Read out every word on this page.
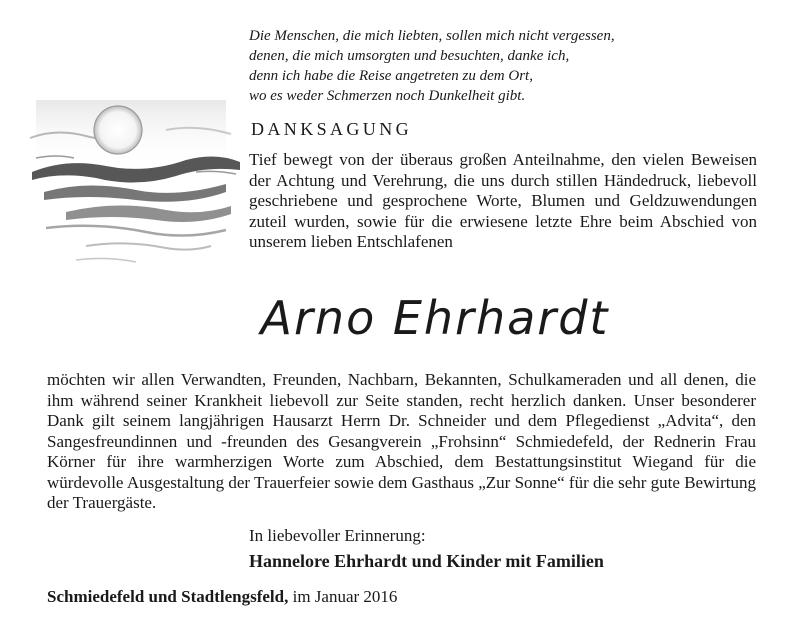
Die Menschen, die mich liebten, sollen mich nicht vergessen,
denen, die mich umsorgten und besuchten, danke ich,
denn ich habe die Reise angetreten zu dem Ort,
wo es weder Schmerzen noch Dunkelheit gibt.
DANKSAGUNG
Tief bewegt von der überaus großen Anteilnahme, den vielen Beweisen der Achtung und Verehrung, die uns durch stillen Händedruck, liebevoll geschriebene und gesprochene Worte, Blumen und Geldzuwendungen zuteil wurden, sowie für die erwiesene letzte Ehre beim Abschied von unserem lieben Entschlafenen
Arno Ehrhardt
möchten wir allen Verwandten, Freunden, Nachbarn, Bekannten, Schulkameraden und all denen, die ihm während seiner Krankheit liebevoll zur Seite standen, recht herzlich danken. Unser besonderer Dank gilt seinem langjährigen Hausarzt Herrn Dr. Schneider und dem Pflegedienst „Advita“, den Sangesfreundinnen und -freunden des Gesangverein „Frohsinn“ Schmiedefeld, der Rednerin Frau Körner für ihre warmherzigen Worte zum Abschied, dem Bestattungsinstitut Wiegand für die würdevolle Ausgestaltung der Trauerfeier sowie dem Gasthaus „Zur Sonne“ für die sehr gute Bewirtung der Trauergäste.
In liebevoller Erinnerung:
Hannelore Ehrhardt und Kinder mit Familien
Schmiedefeld und Stadtlengsfeld, im Januar 2016
